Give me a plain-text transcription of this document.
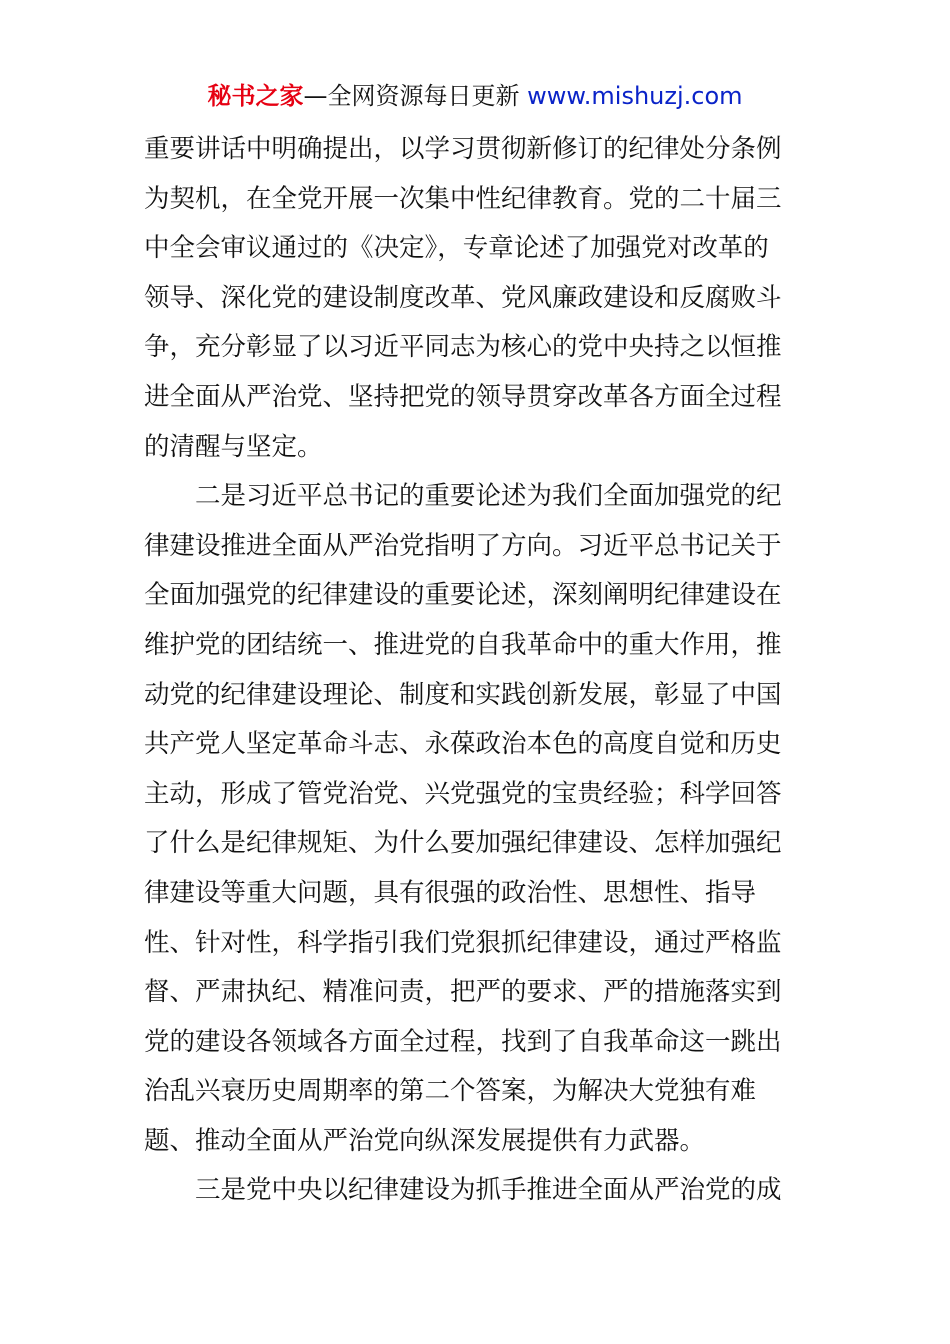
秘书之家—全网资源每日更新 www.mishuzj.com
重要讲话中明确提出，以学习贯彻新修订的纪律处分条例
为契机，在全党开展一次集中性纪律教育。党的二十届三
中全会审议通过的《决定》，专章论述了加强党对改革的
领导、深化党的建设制度改革、党风廉政建设和反腐败斗
争，充分彰显了以习近平同志为核心的党中央持之以恒推
进全面从严治党、坚持把党的领导贯穿改革各方面全过程
的清醒与坚定。
二是习近平总书记的重要论述为我们全面加强党的纪
律建设推进全面从严治党指明了方向。习近平总书记关于
全面加强党的纪律建设的重要论述，深刻阐明纪律建设在
维护党的团结统一、推进党的自我革命中的重大作用，推
动党的纪律建设理论、制度和实践创新发展，彰显了中国
共产党人坚定革命斗志、永葆政治本色的高度自觉和历史
主动，形成了管党治党、兴党强党的宝贵经验；科学回答
了什么是纪律规矩、为什么要加强纪律建设、怎样加强纪
律建设等重大问题，具有很强的政治性、思想性、指导
性、针对性，科学指引我们党狠抓纪律建设，通过严格监
督、严肃执纪、精准问责，把严的要求、严的措施落实到
党的建设各领域各方面全过程，找到了自我革命这一跳出
治乱兴衰历史周期率的第二个答案，为解决大党独有难
题、推动全面从严治党向纵深发展提供有力武器。
三是党中央以纪律建设为抓手推进全面从严治党的成
